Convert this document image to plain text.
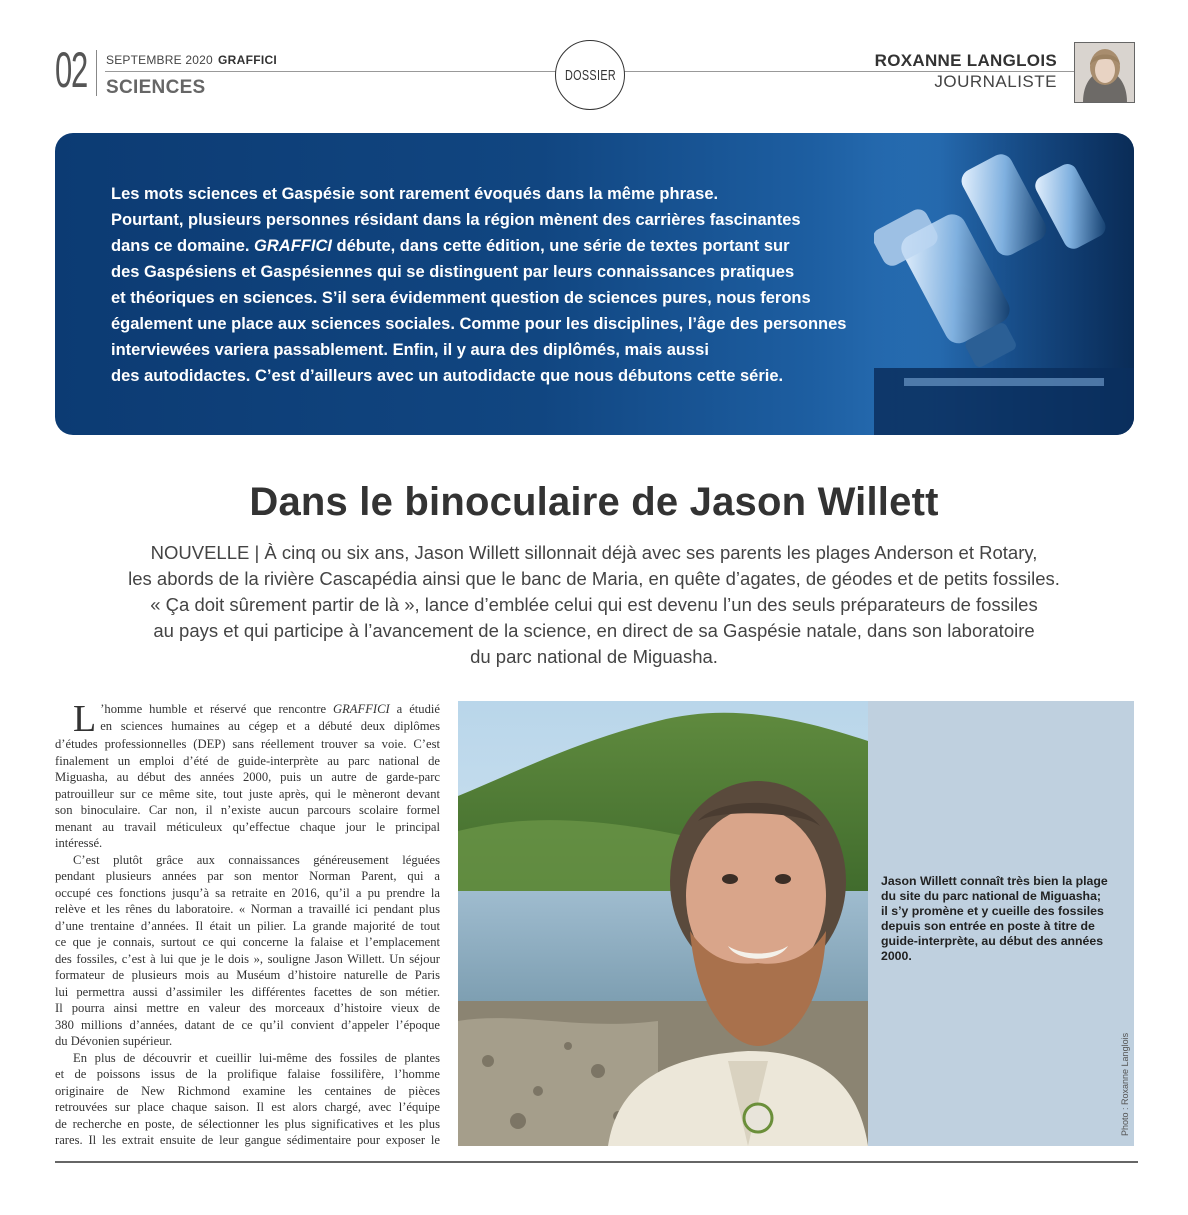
02 SEPTEMBRE 2020 GRAFFICI
SCIENCES
DOSSIER
ROXANNE LANGLOIS
JOURNALISTE
Les mots sciences et Gaspésie sont rarement évoqués dans la même phrase.
Pourtant, plusieurs personnes résidant dans la région mènent des carrières fascinantes
dans ce domaine. GRAFFICI débute, dans cette édition, une série de textes portant sur
des Gaspésiens et Gaspésiennes qui se distinguent par leurs connaissances pratiques
et théoriques en sciences. S’il sera évidemment question de sciences pures, nous ferons
également une place aux sciences sociales. Comme pour les disciplines, l’âge des personnes
interviewées variera passablement. Enfin, il y aura des diplômés, mais aussi
des autodidactes. C’est d’ailleurs avec un autodidacte que nous débutons cette série.
Dans le binoculaire de Jason Willett
NOUVELLE | À cinq ou six ans, Jason Willett sillonnait déjà avec ses parents les plages Anderson et Rotary,
les abords de la rivière Cascapédia ainsi que le banc de Maria, en quête d’agates, de géodes et de petits fossiles.
« Ça doit sûrement partir de là », lance d’emblée celui qui est devenu l’un des seuls préparateurs de fossiles
au pays et qui participe à l’avancement de la science, en direct de sa Gaspésie natale, dans son laboratoire
du parc national de Miguasha.
L ’homme humble et réservé que rencontre GRAFFICI a étudié
en sciences humaines au cégep et a débuté deux diplômes
d’études professionnelles (DEP) sans réellement trouver sa voie. C’est
finalement un emploi d’été de guide-interprète au parc national de
Miguasha, au début des années 2000, puis un autre de garde-parc
patrouilleur sur ce même site, tout juste après, qui le mèneront devant
son binoculaire. Car non, il n’existe aucun parcours scolaire formel
menant au travail méticuleux qu’effectue chaque jour le principal
intéressé.
C’est plutôt grâce aux connaissances généreusement léguées
pendant plusieurs années par son mentor Norman Parent, qui a
occupé ces fonctions jusqu’à sa retraite en 2016, qu’il a pu prendre la
relève et les rênes du laboratoire. « Norman a travaillé ici pendant plus
d’une trentaine d’années. Il était un pilier. La grande majorité de tout
ce que je connais, surtout ce qui concerne la falaise et l’emplacement
des fossiles, c’est à lui que je le dois », souligne Jason Willett. Un séjour
formateur de plusieurs mois au Muséum d’histoire naturelle de Paris
lui permettra aussi d’assimiler les différentes facettes de son métier.
Il pourra ainsi mettre en valeur des morceaux d’histoire vieux de
380 millions d’années, datant de ce qu’il convient d’appeler l’époque
du Dévonien supérieur.
En plus de découvrir et cueillir lui-même des fossiles de plantes
et de poissons issus de la prolifique falaise fossilifère, l’homme
originaire de New Richmond examine les centaines de pièces
retrouvées sur place chaque saison. Il est alors chargé, avec l’équipe
de recherche en poste, de sélectionner les plus significatives et les plus
rares. Il les extrait ensuite de leur gangue sédimentaire pour exposer le
Jason Willett connaît très bien la plage
du site du parc national de Miguasha;
il s’y promène et y cueille des fossiles
depuis son entrée en poste à titre de
guide-interprète, au début des années
2000.
Photo : Roxanne Langlois
